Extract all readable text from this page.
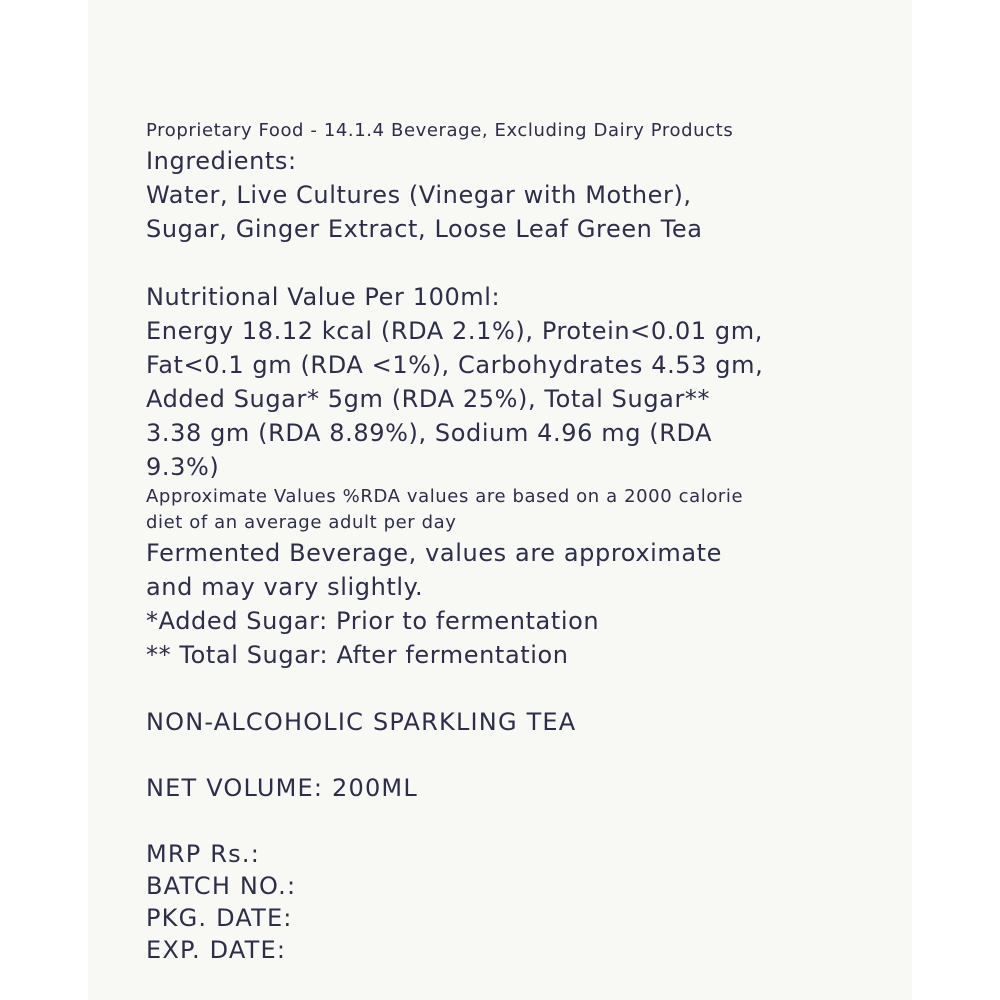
Proprietary Food - 14.1.4 Beverage, Excluding Dairy Products
Ingredients:
Water, Live Cultures (Vinegar with Mother),
Sugar, Ginger Extract, Loose Leaf Green Tea
Nutritional Value Per 100ml:
Energy 18.12 kcal (RDA 2.1%), Protein<0.01 gm,
Fat<0.1 gm (RDA <1%), Carbohydrates 4.53 gm,
Added Sugar* 5gm (RDA 25%), Total Sugar**
3.38 gm (RDA 8.89%), Sodium 4.96 mg (RDA
9.3%)
Approximate Values %RDA values are based on a 2000 calorie
diet of an average adult per day
Fermented Beverage, values are approximate
and may vary slightly.
*Added Sugar: Prior to fermentation
** Total Sugar: After fermentation
NON-ALCOHOLIC SPARKLING TEA
NET VOLUME: 200ML
MRP Rs.:
BATCH NO.:
PKG. DATE:
EXP. DATE:
